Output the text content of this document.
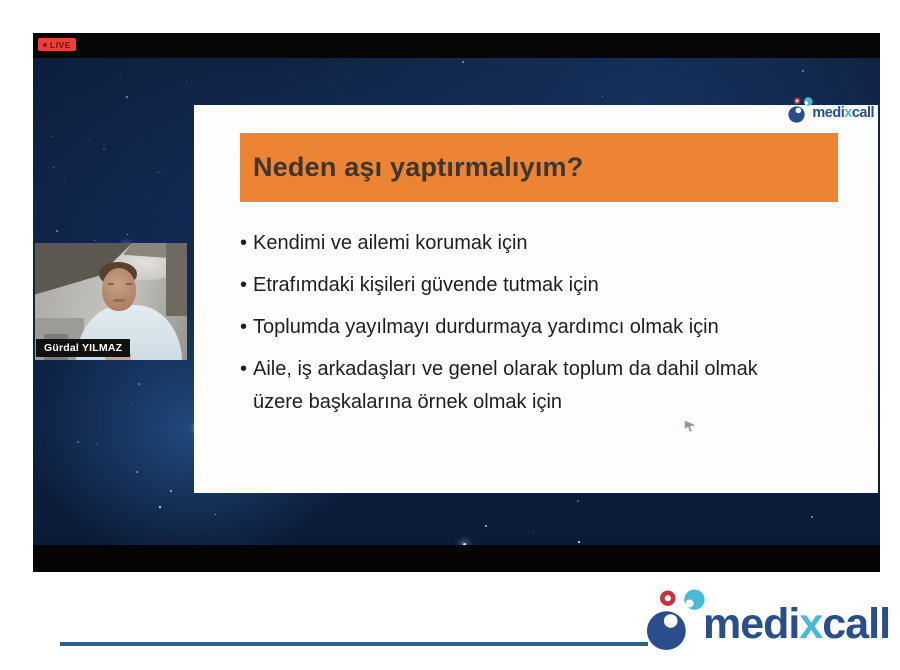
LIVE
medixcall
Neden aşı yaptırmalıyım?
• Kendimi ve ailemi korumak için
• Etrafımdaki kişileri güvende tutmak için
• Toplumda yayılmayı durdurmaya yardımcı olmak için
• Aile, iş arkadaşları ve genel olarak toplum da dahil olmak üzere başkalarına örnek olmak için
Gürdal YILMAZ
medixcall
